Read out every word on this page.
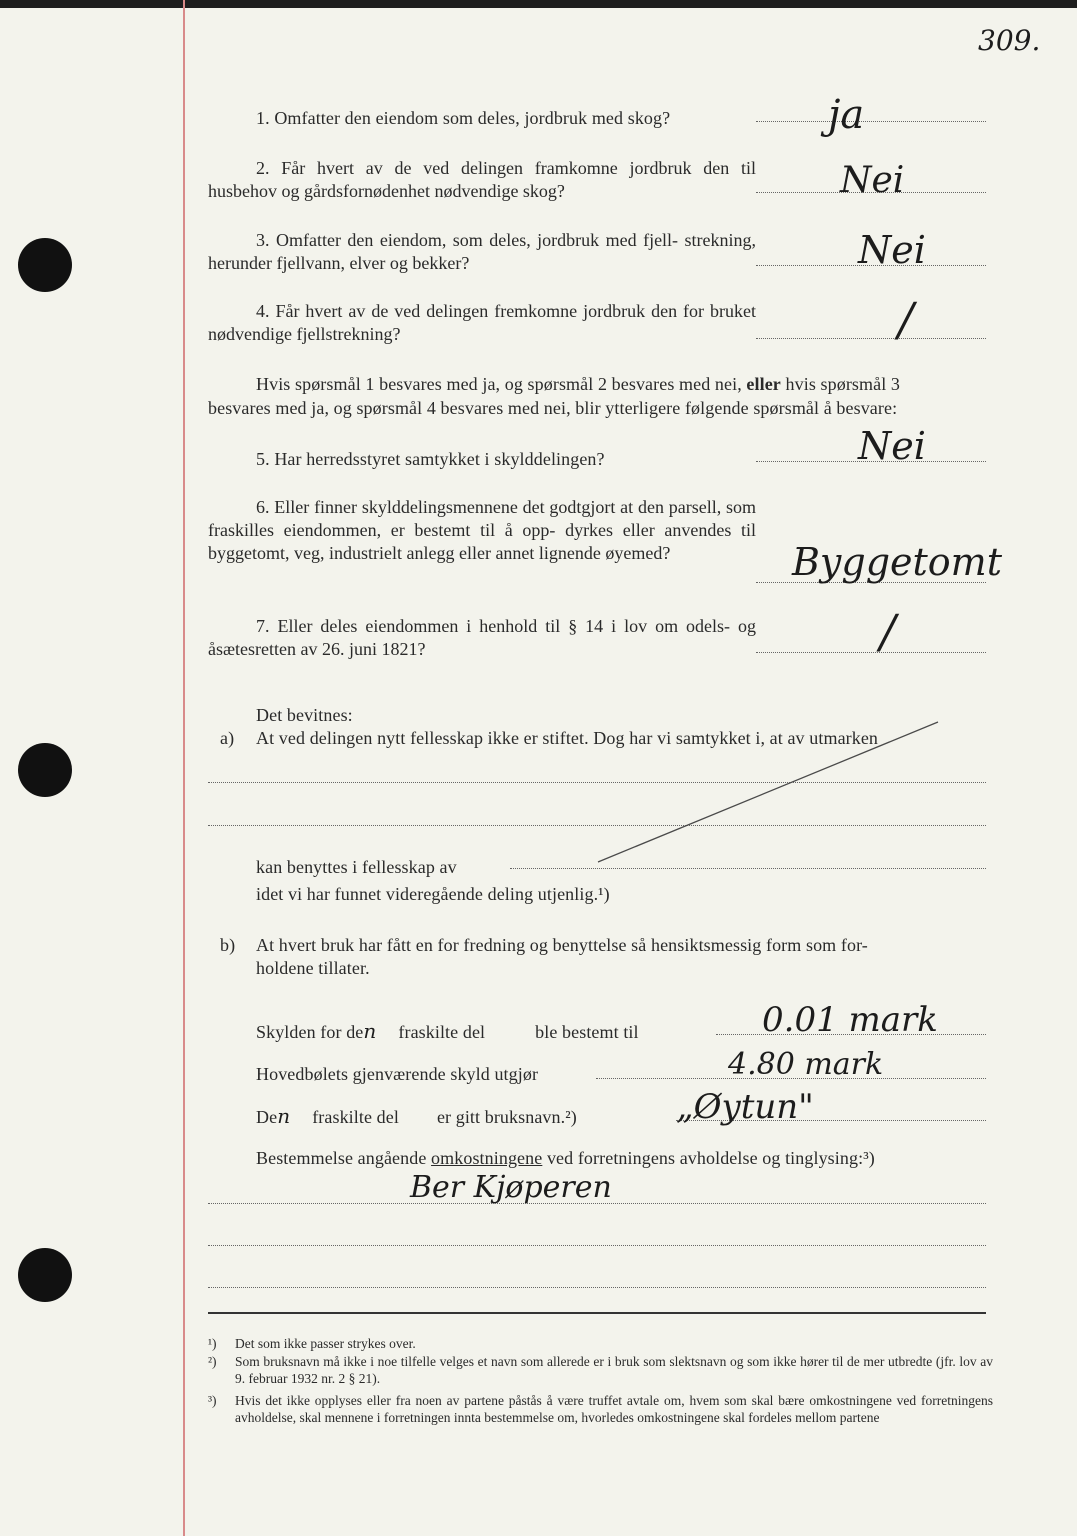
309.
1. Omfatter den eiendom som deles, jordbruk med skog?	ja
2. Får hvert av de ved delingen framkomne jordbruk den til husbehov og gårdsfornødenhet nødvendige skog?	Nei
3. Omfatter den eiendom, som deles, jordbruk med fjell- strekning, herunder fjellvann, elver og bekker?	Nei
4. Får hvert av de ved delingen fremkomne jordbruk den for bruket nødvendige fjellstrekning?	/
Hvis spørsmål 1 besvares med ja, og spørsmål 2 besvares med nei, eller hvis spørsmål 3
besvares med ja, og spørsmål 4 besvares med nei, blir ytterligere følgende spørsmål å besvare:
5. Har herredsstyret samtykket i skylddelingen?	Nei
6. Eller finner skylddelingsmennene det godtgjort at den parsell, som fraskilles eiendommen, er bestemt til å opp- dyrkes eller anvendes til byggetomt, veg, industrielt anlegg eller annet lignende øyemed?	Byggetomt
7. Eller deles eiendommen i henhold til § 14 i lov om odels- og åsætesretten av 26. juni 1821?	/
Det bevitnes:
a) At ved delingen nytt fellesskap ikke er stiftet. Dog har vi samtykket i, at av utmarken
kan benyttes i fellesskap av
idet vi har funnet videregående deling utjenlig.¹)
b) At hvert bruk har fått en for fredning og benyttelse så hensiktsmessig form som for-
holdene tillater.
Skylden for den fraskilte del	ble bestemt til	0.01 mark
Hovedbølets gjenværende skyld utgjør	4.80 mark
Den fraskilte del er gitt bruksnavn.²)	„Øytun"
Bestemmelse angående omkostningene ved forretningens avholdelse og tinglysing:³)
Ber Kjøperen
¹) Det som ikke passer strykes over.
²) Som bruksnavn må ikke i noe tilfelle velges et navn som allerede er i bruk som slektsnavn og som ikke hører til de mer utbredte (jfr. lov av 9. februar 1932 nr. 2 § 21).
³) Hvis det ikke opplyses eller fra noen av partene påstås å være truffet avtale om, hvem som skal bære omkostningene ved forretningens avholdelse, skal mennene i forretningen innta bestemmelse om, hvorledes omkostningene skal fordeles mellom partene
